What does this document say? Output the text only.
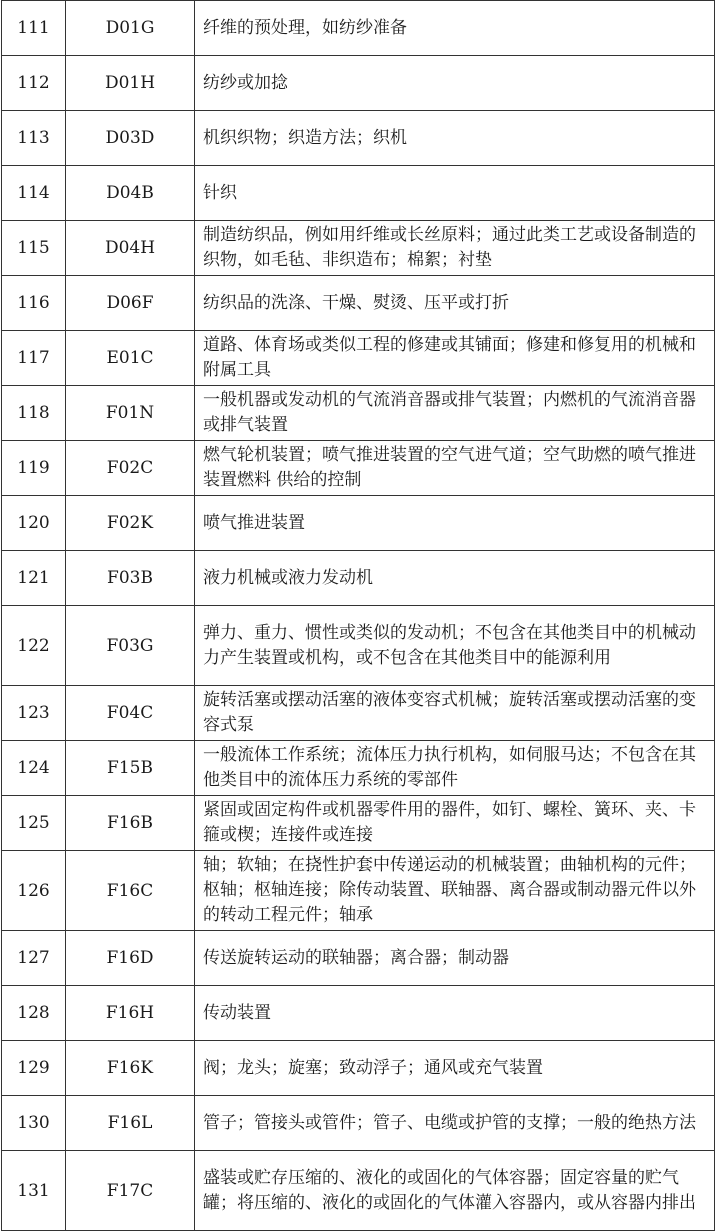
111	D01G	纤维的预处理，如纺纱准备
112	D01H	纺纱或加捻
113	D03D	机织织物；织造方法；织机
114	D04B	针织
115	D04H	制造纺织品，例如用纤维或长丝原料；通过此类工艺或设备制造的织物，如毛毡、非织造布；棉絮；衬垫
116	D06F	纺织品的洗涤、干燥、熨烫、压平或打折
117	E01C	道路、体育场或类似工程的修建或其铺面；修建和修复用的机械和附属工具
118	F01N	一般机器或发动机的气流消音器或排气装置；内燃机的气流消音器或排气装置
119	F02C	燃气轮机装置；喷气推进装置的空气进气道；空气助燃的喷气推进装置燃料 供给的控制
120	F02K	喷气推进装置
121	F03B	液力机械或液力发动机
122	F03G	弹力、重力、惯性或类似的发动机；不包含在其他类目中的机械动力产生装置或机构，或不包含在其他类目中的能源利用
123	F04C	旋转活塞或摆动活塞的液体变容式机械；旋转活塞或摆动活塞的变容式泵
124	F15B	一般流体工作系统；流体压力执行机构，如伺服马达；不包含在其他类目中的流体压力系统的零部件
125	F16B	紧固或固定构件或机器零件用的器件，如钉、螺栓、簧环、夹、卡箍或楔；连接件或连接
126	F16C	轴；软轴；在挠性护套中传递运动的机械装置；曲轴机构的元件；枢轴；枢轴连接；除传动装置、联轴器、离合器或制动器元件以外的转动工程元件；轴承
127	F16D	传送旋转运动的联轴器；离合器；制动器
128	F16H	传动装置
129	F16K	阀；龙头；旋塞；致动浮子；通风或充气装置
130	F16L	管子；管接头或管件；管子、电缆或护管的支撑；一般的绝热方法
131	F17C	盛装或贮存压缩的、液化的或固化的气体容器；固定容量的贮气罐；将压缩的、液化的或固化的气体灌入容器内，或从容器内排出
